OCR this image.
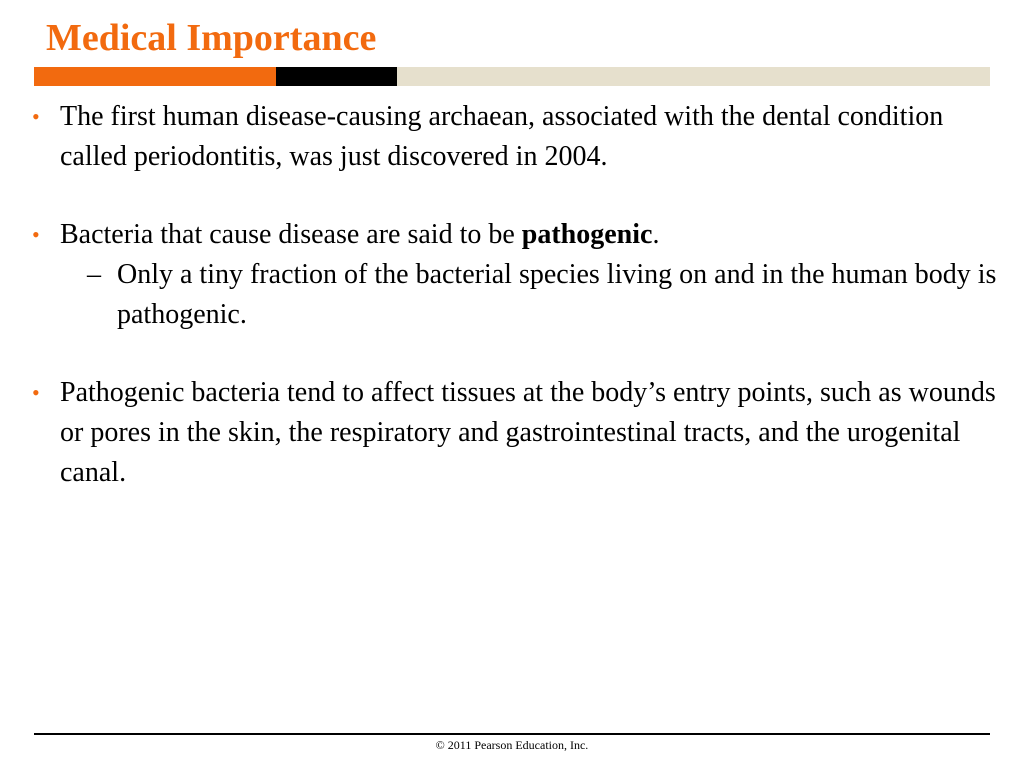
Medical Importance

• The first human disease-causing archaean, associated with the dental condition called periodontitis, was just discovered in 2004.

• Bacteria that cause disease are said to be pathogenic.

– Only a tiny fraction of the bacterial species living on and in the human body is pathogenic.

• Pathogenic bacteria tend to affect tissues at the body’s entry points, such as wounds or pores in the skin, the respiratory and gastrointestinal tracts, and the urogenital canal.

© 2011 Pearson Education, Inc.
